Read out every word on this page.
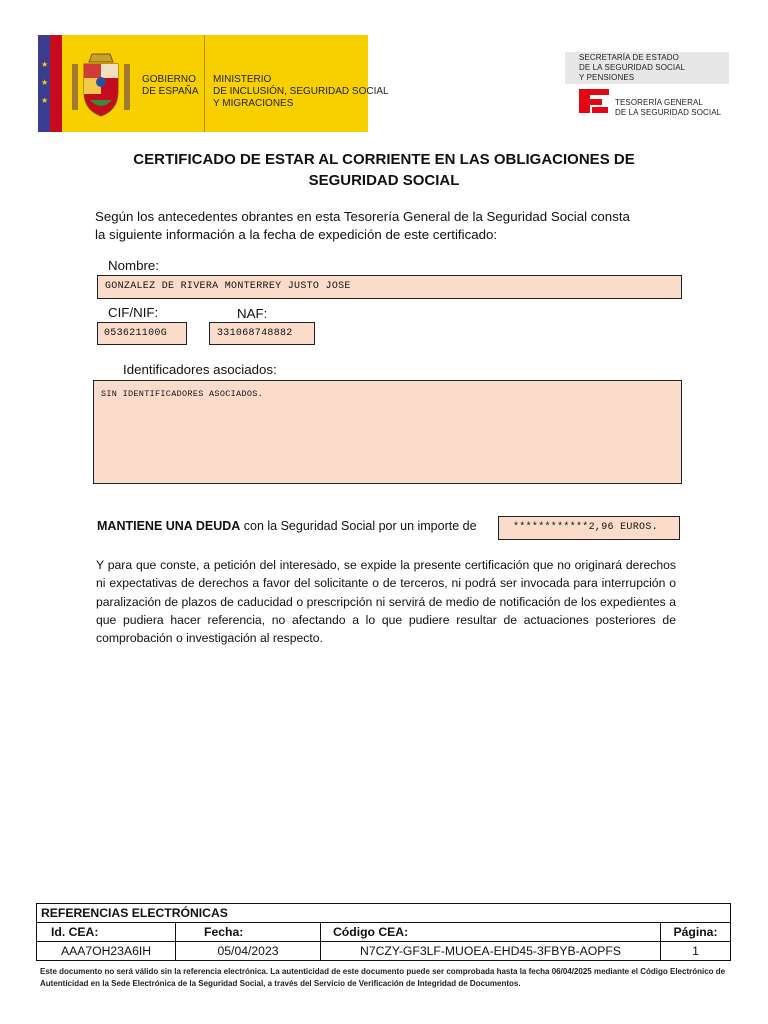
★
★
★
GOBIERNO
DE ESPAÑA
MINISTERIO
DE INCLUSIÓN, SEGURIDAD SOCIAL
Y MIGRACIONES
SECRETARÍA DE ESTADO
DE LA SEGURIDAD SOCIAL
Y PENSIONES
TESORERÍA GENERAL
DE LA SEGURIDAD SOCIAL
CERTIFICADO DE ESTAR AL CORRIENTE EN LAS OBLIGACIONES DE
SEGURIDAD SOCIAL
Según los antecedentes obrantes en esta Tesorería General de la Seguridad Social consta
la siguiente información a la fecha de expedición de este certificado:
Nombre:
GONZALEZ DE RIVERA MONTERREY JUSTO JOSE
CIF/NIF:
053621100G
NAF:
331068748882
Identificadores asociados:
SIN IDENTIFICADORES ASOCIADOS.
MANTIENE UNA DEUDA con la Seguridad Social por un importe de	************2,96 EUROS.
Y para que conste, a petición del interesado, se expide la presente certificación que no originará derechos ni expectativas de derechos a favor del solicitante o de terceros, ni podrá ser invocada para interrupción o paralización de plazos de caducidad o prescripción ni servirá de medio de notificación de los expedientes a que pudiera hacer referencia, no afectando a lo que pudiere resultar de actuaciones posteriores de comprobación o investigación al respecto.
REFERENCIAS ELECTRÓNICAS			
Id. CEA:	Fecha:	Código CEA:	Página:
AAA7OH23A6IH	05/04/2023	N7CZY-GF3LF-MUOEA-EHD45-3FBYB-AOPFS	1
Este documento no será válido sin la referencia electrónica. La autenticidad de este documento puede ser comprobada hasta la fecha 06/04/2025 mediante el Código Electrónico de Autenticidad en la Sede Electrónica de la Seguridad Social, a través del Servicio de Verificación de Integridad de Documentos.
